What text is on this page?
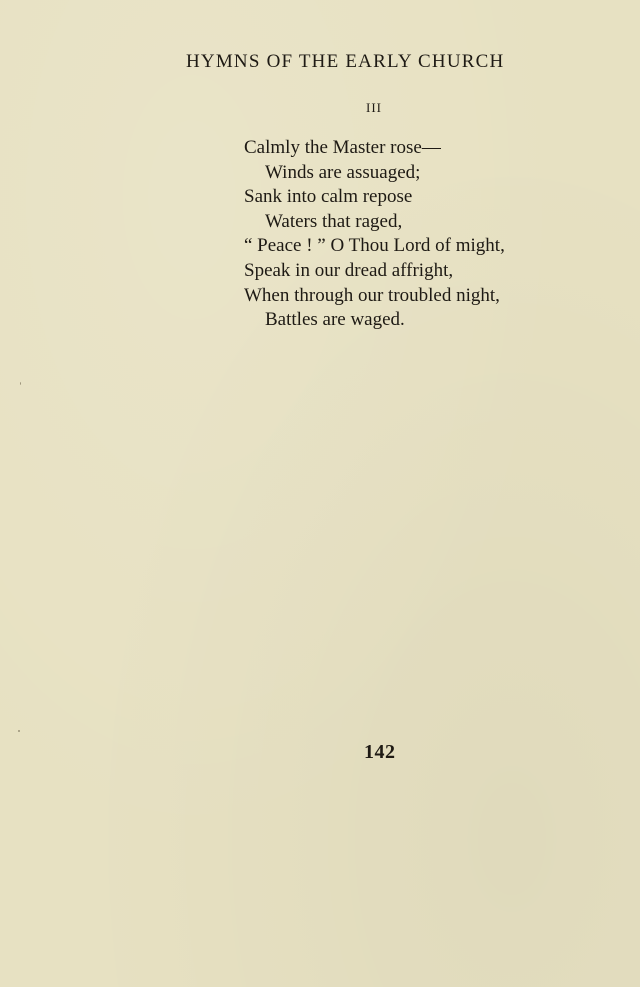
HYMNS OF THE EARLY CHURCH
III
Calmly the Master rose—
Winds are assuaged;
Sank into calm repose
Waters that raged,
“ Peace ! ” O Thou Lord of might,
Speak in our dread affright,
When through our troubled night,
Battles are waged.
142
